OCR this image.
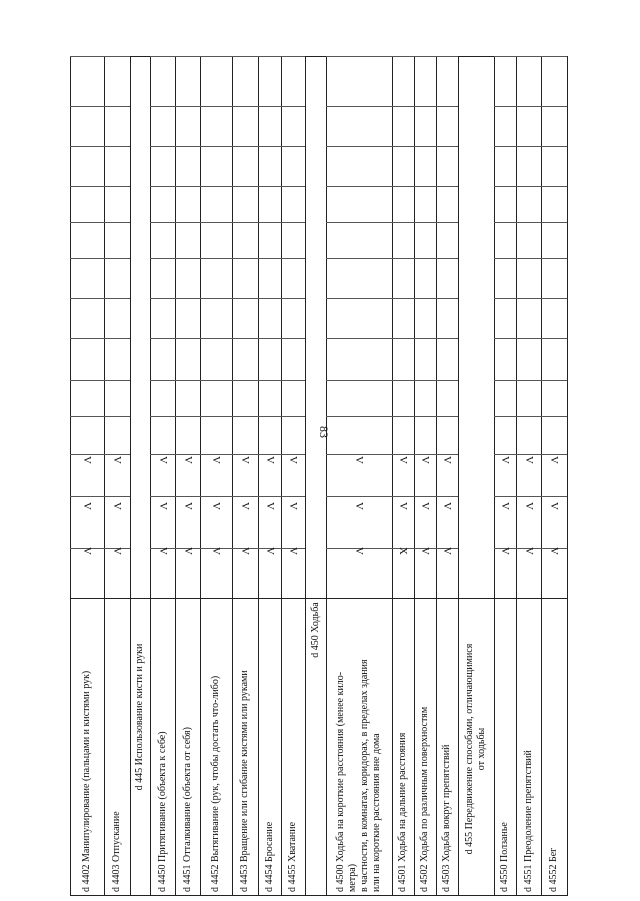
d 4402 Манипулирование (пальцами и кистями рук)
V
V
V
d 4403 Отпускание
V
V
V
d 445 Использование кисти и руки
d 4450 Притягивание (объекта к себе)
V
V
V
d 4451 Отталкивание (объекта от себя)
V
V
V
d 4452 Вытягивание (рук, чтобы достать что-либо)
V
V
V
d 4453 Вращение или сгибание кистями или руками
V
V
V
d 4454 Бросание
V
V
V
d 4455 Хватание
V
V
V
d 450 Ходьба
d 4500 Ходьба на короткие расстояния (менее кило- метра) в частности, в комнатах, коридорах, в пределах здания или на короткие расстояния вне дома
V
V
V
d 4501 Ходьба на дальние расстояния
X
V
V
d 4502 Ходьба по различным поверхностям
V
V
V
d 4503 Ходьба вокруг препятствий
V
V
V
d 455 Передвижение способами, отличающимися от ходьбы
d 4550 Ползанье
V
V
V
d 4551 Преодоление препятствий
V
V
V
d 4552 Бег
V
V
V
83
